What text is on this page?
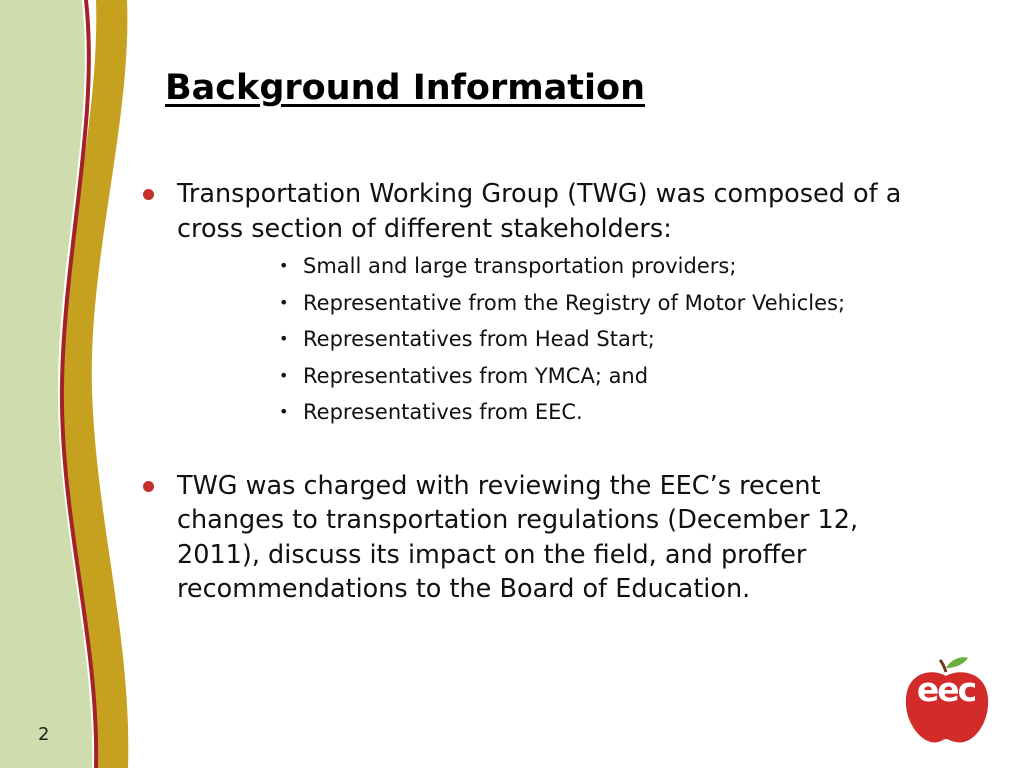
Background Information
Transportation Working Group (TWG) was composed of a cross section of different stakeholders:
• Small and large transportation providers;
• Representative from the Registry of Motor Vehicles;
• Representatives from Head Start;
• Representatives from YMCA; and
• Representatives from EEC.
TWG was charged with reviewing the EEC’s recent changes to transportation regulations (December 12, 2011), discuss its impact on the field, and proffer recommendations to the Board of Education.
2
eec
